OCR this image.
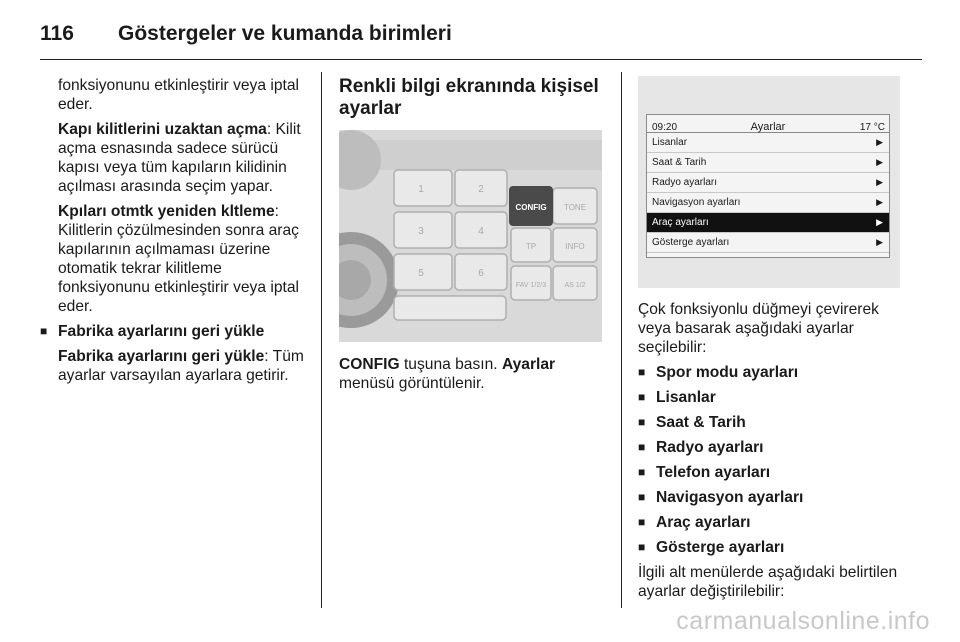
116 Göstergeler ve kumanda birimleri

fonksiyonunu etkinleştirir veya iptal eder.

Kapı kilitlerini uzaktan açma: Kilit açma esnasında sadece sürücü kapısı veya tüm kapıların kilidinin açılması arasında seçim yapar.

Kpıları otmtk yeniden kltleme: Kilitlerin çözülmesinden sonra araç kapılarının açılmaması üzerine otomatik tekrar kilitleme fonksiyonunu etkinleştirir veya iptal eder.

■ Fabrika ayarlarını geri yükle

Fabrika ayarlarını geri yükle: Tüm ayarlar varsayılan ayarlara getirir.

Renkli bilgi ekranında kişisel ayarlar
1	2
3	4
5	6
TONE
TP	INFO
FAV 1/2/3	AS 1/2
CONFIG

CONFIG tuşuna basın. Ayarlar menüsü görüntülenir.

09:20	Ayarlar	17 °C
Lisanlar	▶
Saat & Tarih	▶
Radyo ayarları	▶
Navigasyon ayarları	▶
Araç ayarları	▶
Gösterge ayarları	▶

Çok fonksiyonlu düğmeyi çevirerek veya basarak aşağıdaki ayarlar seçilebilir:

■ Spor modu ayarları

■ Lisanlar

■ Saat & Tarih

■ Radyo ayarları

■ Telefon ayarları

■ Navigasyon ayarları

■ Araç ayarları

■ Gösterge ayarları

İlgili alt menülerde aşağıdaki belirtilen ayarlar değiştirilebilir:

carmanualsonline.info
